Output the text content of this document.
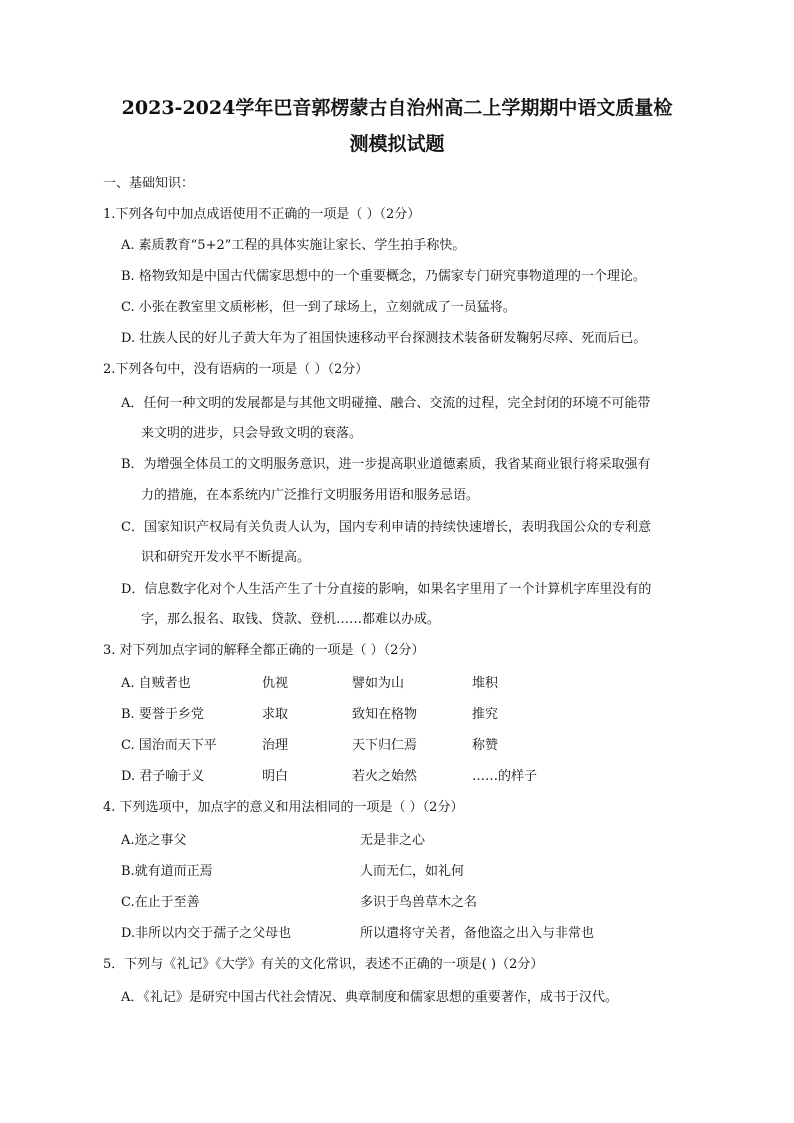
2023-2024学年巴音郭楞蒙古自治州高二上学期期中语文质量检
测模拟试题
一、基础知识：
1.下列各句中加点成语使用不正确的一项是（ ）（2分）
A. 素质教育“5+2”工程的具体实施让家长、学生拍手称快。
B. 格物致知是中国古代儒家思想中的一个重要概念，乃儒家专门研究事物道理的一个理论。
C. 小张在教室里文质彬彬，但一到了球场上，立刻就成了一员猛将。
D. 壮族人民的好儿子黄大年为了祖国快速移动平台探测技术装备研发鞠躬尽瘁、死而后已。
2.下列各句中，没有语病的一项是（ ）（2分）
A．任何一种文明的发展都是与其他文明碰撞、融合、交流的过程，完全封闭的环境不可能带
来文明的进步，只会导致文明的衰落。
B．为增强全体员工的文明服务意识，进一步提高职业道德素质，我省某商业银行将采取强有
力的措施，在本系统内广泛推行文明服务用语和服务忌语。
C．国家知识产权局有关负责人认为，国内专利申请的持续快速增长，表明我国公众的专利意
识和研究开发水平不断提高。
D．信息数字化对个人生活产生了十分直接的影响，如果名字里用了一个计算机字库里没有的
字，那么报名、取钱、贷款、登机……都难以办成。
3. 对下列加点字词的解释全都正确的一项是（ ）（2分）
A. 自贼者也	仇视	譬如为山	堆积
B. 要誉于乡党	求取	致知在格物	推究
C. 国治而天下平	治理	天下归仁焉	称赞
D. 君子喻于义	明白	若火之始然	……的样子
4. 下列选项中，加点字的意义和用法相同的一项是（ ）（2分）
A.迩之事父	无是非之心
B.就有道而正焉	人而无仁，如礼何
C.在止于至善	多识于鸟兽草木之名
D.非所以内交于孺子之父母也	所以遣将守关者，备他盗之出入与非常也
5．下列与《礼记》《大学》有关的文化常识，表述不正确的一项是( )（2分）
A．《礼记》是研究中国古代社会情况、典章制度和儒家思想的重要著作，成书于汉代。
